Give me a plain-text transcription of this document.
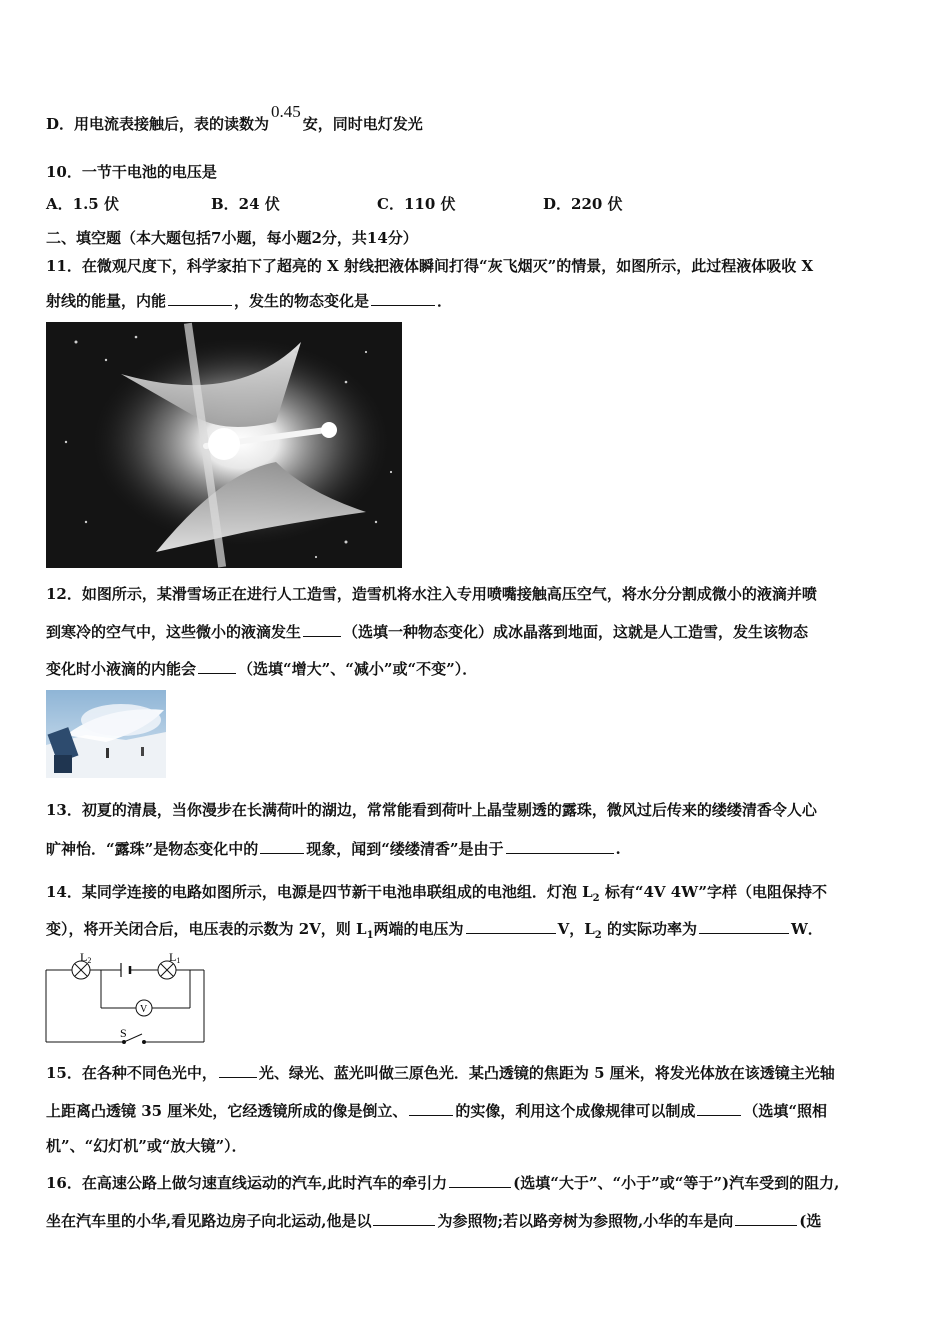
D．用电流表接触后，表的读数为0.45安，同时电灯发光
10．一节干电池的电压是
A．1.5 伏	B．24 伏	C．110 伏	D．220 伏
二、填空题（本大题包括7小题，每小题2分，共14分）
11．在微观尺度下，科学家拍下了超亮的 X 射线把液体瞬间打得“灰飞烟灭”的情景，如图所示，此过程液体吸收 X
射线的能量，内能	，发生的物态变化是	．
12．如图所示，某滑雪场正在进行人工造雪，造雪机将水注入专用喷嘴接触高压空气，将水分分割成微小的液滴并喷
到寒冷的空气中，这些微小的液滴发生	（选填一种物态变化）成冰晶落到地面，这就是人工造雪，发生该物态
变化时小液滴的内能会	（选填“增大”、“减小”或“不变”）．
13．初夏的清晨，当你漫步在长满荷叶的湖边，常常能看到荷叶上晶莹剔透的露珠，微风过后传来的缕缕清香令人心
旷神怡．“露珠”是物态变化中的	现象，闻到“缕缕清香”是由于	.
14．某同学连接的电路如图所示，电源是四节新干电池串联组成的电池组．灯泡 $L_2$ 标有“4V 4W”字样（电阻保持不
变），将开关闭合后，电压表的示数为 2V，则 $L_1$两端的电压为	V，$L_2$ 的实际功率为	W．
L2	L1
V
S
15．在各种不同色光中，	光、绿光、蓝光叫做三原色光．某凸透镜的焦距为 5 厘米，将发光体放在该透镜主光轴
上距离凸透镜 35 厘米处，它经透镜所成的像是倒立、	的实像，利用这个成像规律可以制成	（选填“照相
机”、“幻灯机”或“放大镜”）．
16．在高速公路上做匀速直线运动的汽车,此时汽车的牵引力	(选填“大于”、“小于”或“等于”)汽车受到的阻力,
坐在汽车里的小华,看见路边房子向北运动,他是以	为参照物;若以路旁树为参照物,小华的车是向	(选
